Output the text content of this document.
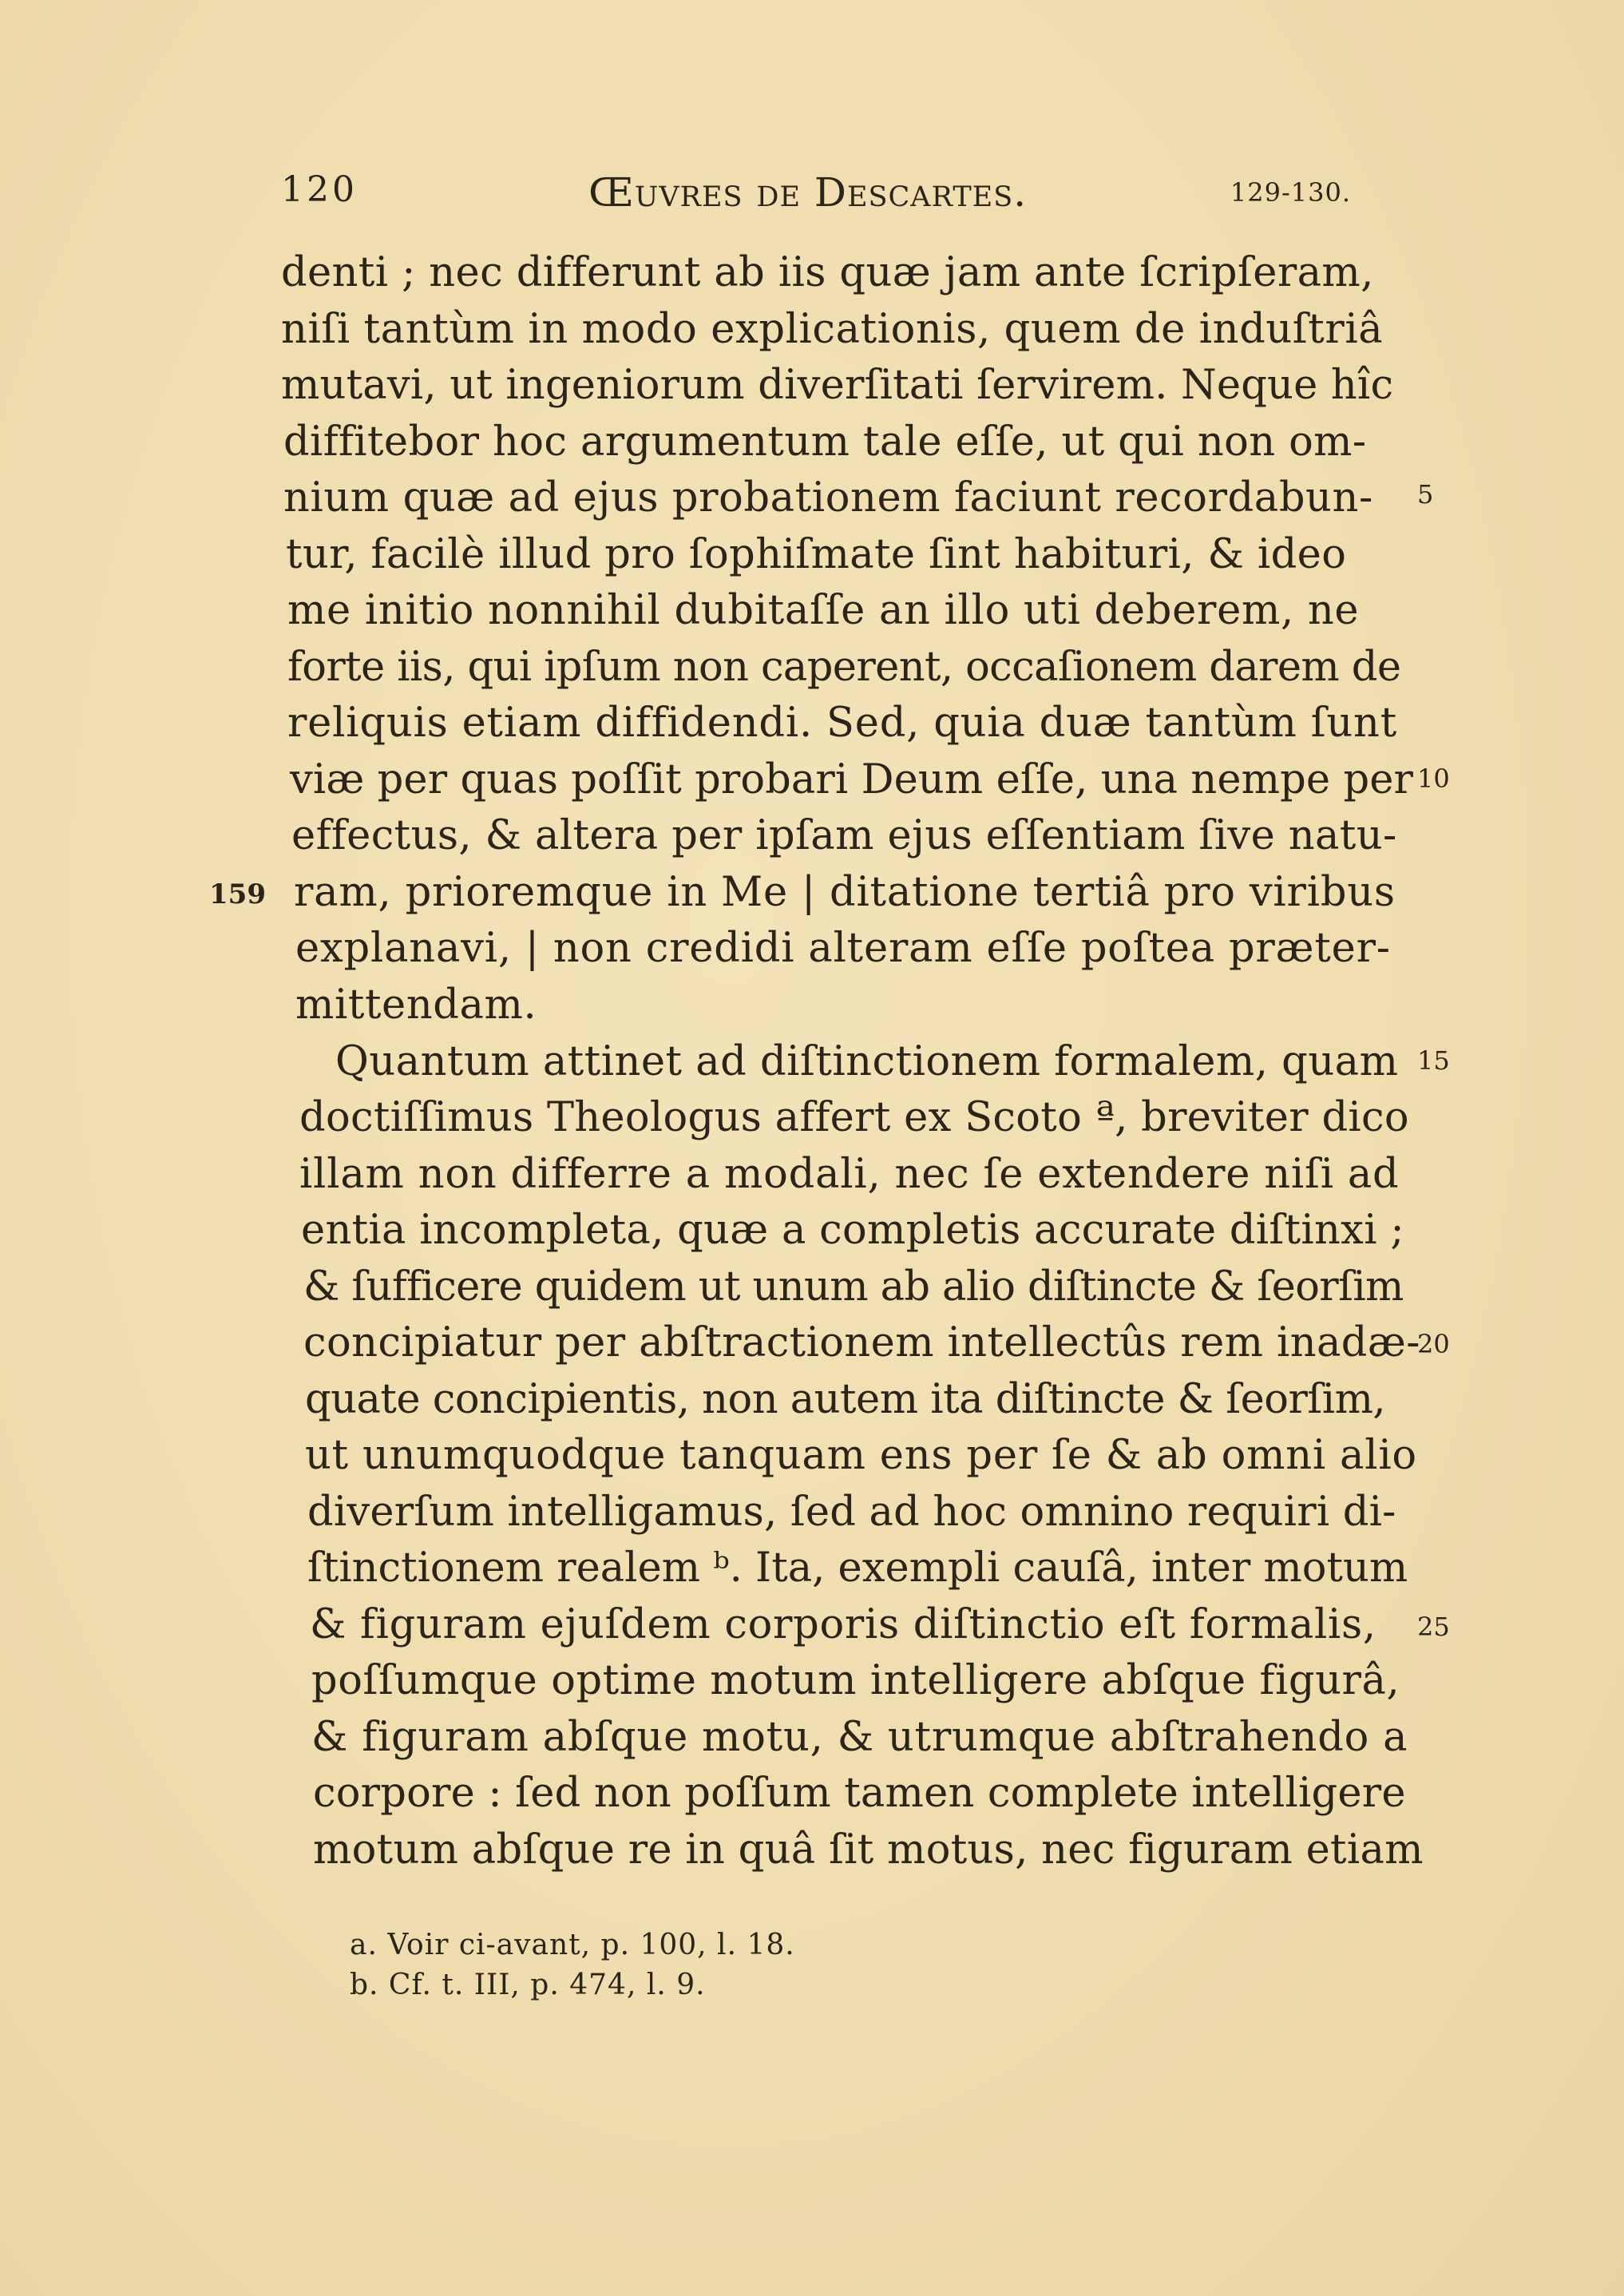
120	Œuvres de Descartes.	129-130.
denti ; nec differunt ab iis quæ jam ante ſcripſeram,
niſi tantùm in modo explicationis, quem de induſtriâ
mutavi, ut ingeniorum diverſitati ſervirem. Neque hîc
diffitebor hoc argumentum tale eſſe, ut qui non om-
nium quæ ad ejus probationem faciunt recordabun-
tur, facilè illud pro ſophiſmate ſint habituri, & ideo
me initio nonnihil dubitaſſe an illo uti deberem, ne
forte iis, qui ipſum non caperent, occaſionem darem de
reliquis etiam diffidendi. Sed, quia duæ tantùm ſunt
viæ per quas poſſit probari Deum eſſe, una nempe per
effectus, & altera per ipſam ejus eſſentiam ſive natu-
ram, prioremque in Me | ditatione tertiâ pro viribus
explanavi, | non credidi alteram eſſe poſtea præter-
mittendam.
Quantum attinet ad diſtinctionem formalem, quam
doctiſſimus Theologus affert ex Scoto ª, breviter dico
illam non differre a modali, nec ſe extendere niſi ad
entia incompleta, quæ a completis accurate diſtinxi ;
& ſufficere quidem ut unum ab alio diſtincte & ſeorſim
concipiatur per abſtractionem intellectûs rem inadæ-
quate concipientis, non autem ita diſtincte & ſeorſim,
ut unumquodque tanquam ens per ſe & ab omni alio
diverſum intelligamus, ſed ad hoc omnino requiri di-
ſtinctionem realem ᵇ. Ita, exempli cauſâ, inter motum
& figuram ejuſdem corporis diſtinctio eſt formalis,
poſſumque optime motum intelligere abſque figurâ,
& figuram abſque motu, & utrumque abſtrahendo a
corpore : ſed non poſſum tamen complete intelligere
motum abſque re in quâ ſit motus, nec figuram etiam
5
10
15
20
25
159
a. Voir ci-avant, p. 100, l. 18.
b. Cf. t. III, p. 474, l. 9.
